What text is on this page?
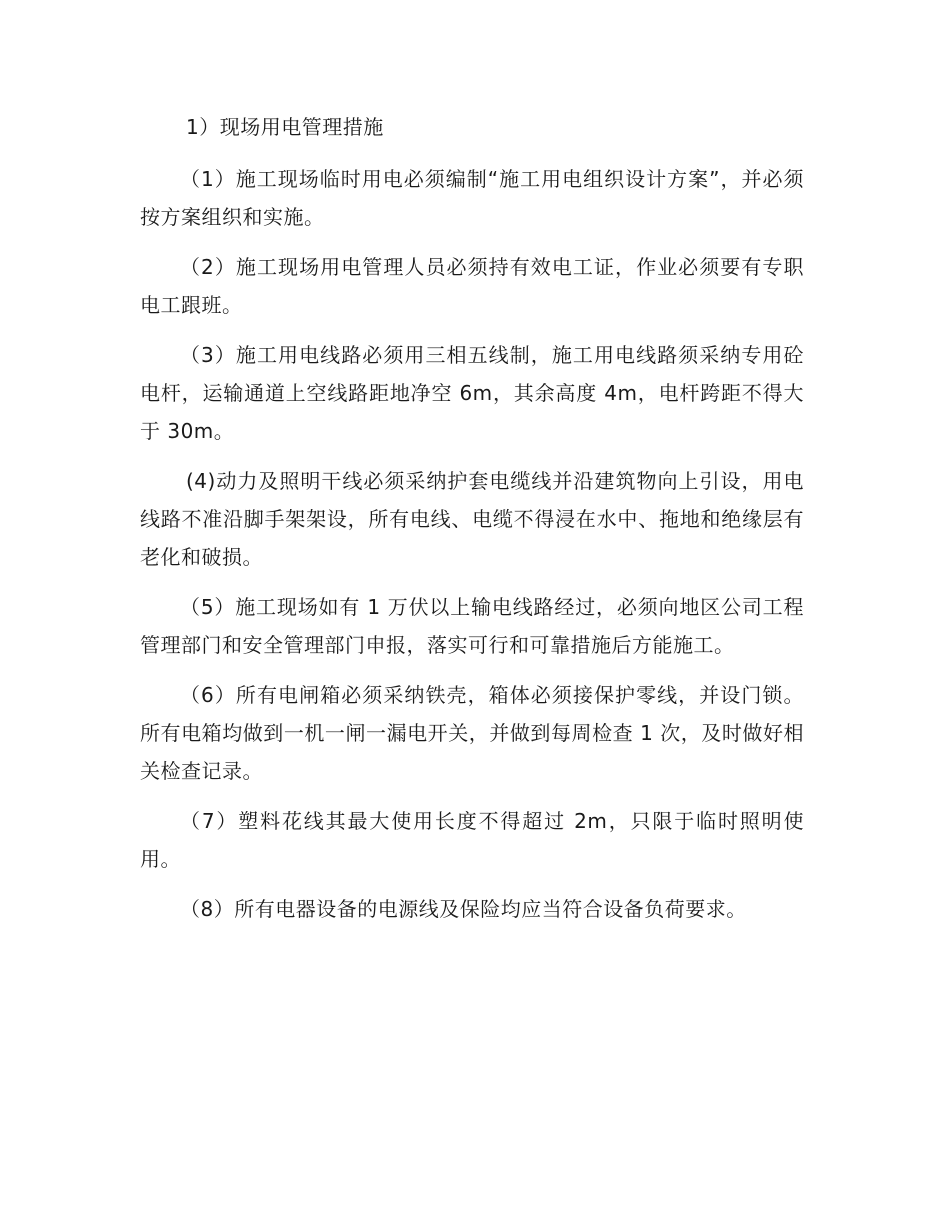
1）现场用电管理措施

（1）施工现场临时用电必须编制“施工用电组织设计方案”，并必须按方案组织和实施。

（2）施工现场用电管理人员必须持有效电工证，作业必须要有专职电工跟班。

（3）施工用电线路必须用三相五线制，施工用电线路须采纳专用砼电杆，运输通道上空线路距地净空 6m，其余高度 4m，电杆跨距不得大于 30m。

(4)动力及照明干线必须采纳护套电缆线并沿建筑物向上引设，用电线路不准沿脚手架架设，所有电线、电缆不得浸在水中、拖地和绝缘层有老化和破损。

（5）施工现场如有 1 万伏以上输电线路经过，必须向地区公司工程管理部门和安全管理部门申报，落实可行和可靠措施后方能施工。

（6）所有电闸箱必须采纳铁壳，箱体必须接保护零线，并设门锁。所有电箱均做到一机一闸一漏电开关，并做到每周检查 1 次，及时做好相关检查记录。

（7）塑料花线其最大使用长度不得超过 2m，只限于临时照明使用。

（8）所有电器设备的电源线及保险均应当符合设备负荷要求。
